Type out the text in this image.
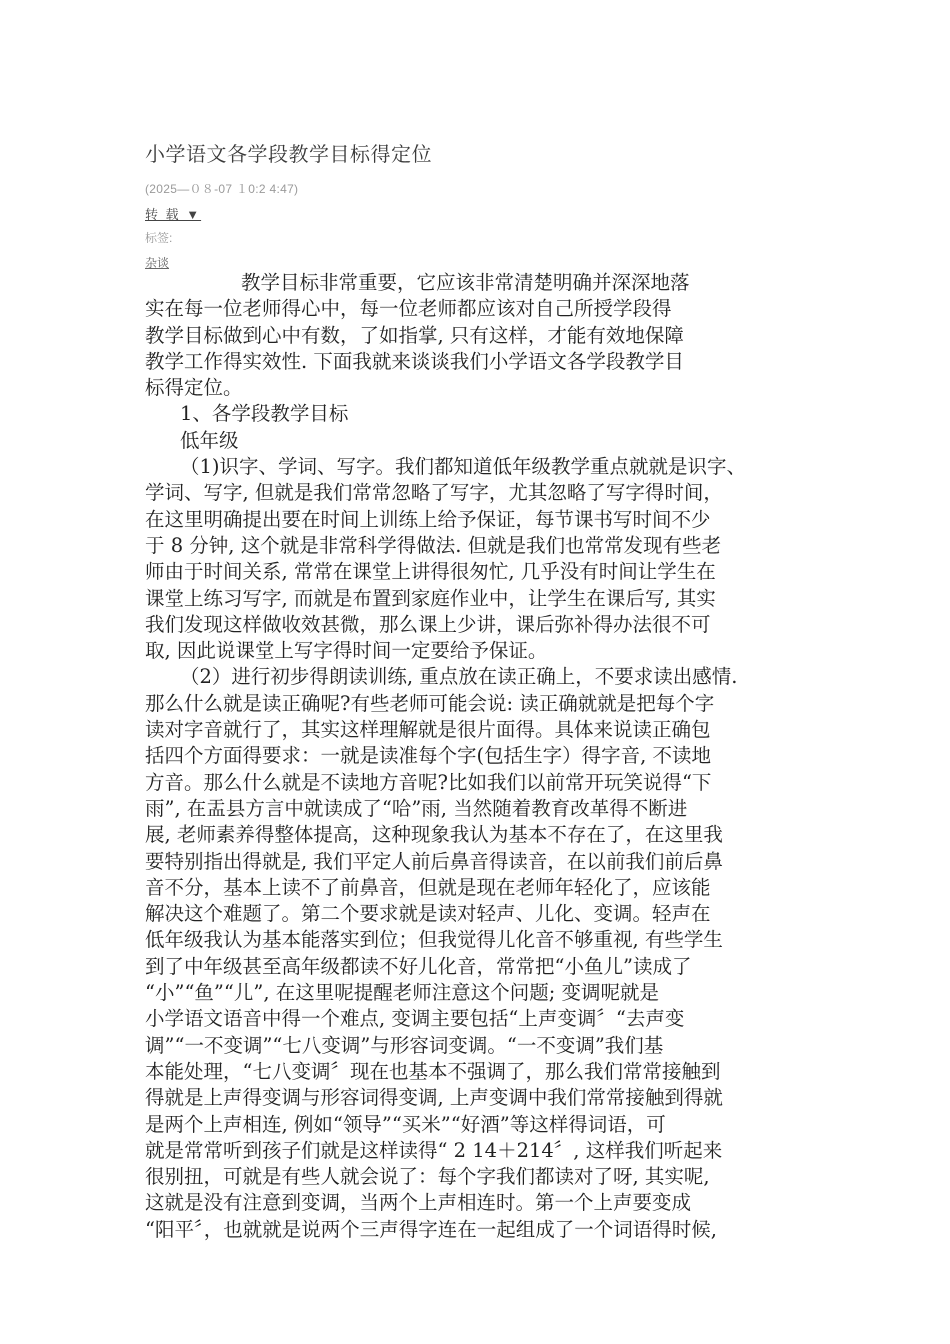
小学语文各学段教学目标得定位
(2025—０８-07 １0:2 4:47)
转 载 ▼
标签:
杂谈
教学目标非常重要，它应该非常清楚明确并深深地落
实在每一位老师得心中，每一位老师都应该对自己所授学段得
教学目标做到心中有数，了如指掌, 只有这样，才能有效地保障
教学工作得实效性. 下面我就来谈谈我们小学语文各学段教学目
标得定位。
1、各学段教学目标
低年级
（1)识字、学词、写字。我们都知道低年级教学重点就就是识字、
学词、写字, 但就是我们常常忽略了写字，尤其忽略了写字得时间，
在这里明确提出要在时间上训练上给予保证，每节课书写时间不少
于 8 分钟, 这个就是非常科学得做法. 但就是我们也常常发现有些老
师由于时间关系, 常常在课堂上讲得很匆忙, 几乎没有时间让学生在
课堂上练习写字, 而就是布置到家庭作业中，让学生在课后写, 其实
我们发现这样做收效甚微，那么课上少讲，课后弥补得办法很不可
取, 因此说课堂上写字得时间一定要给予保证。
（2）进行初步得朗读训练, 重点放在读正确上，不要求读出感情.
那么什么就是读正确呢?有些老师可能会说: 读正确就就是把每个字
读对字音就行了，其实这样理解就是很片面得。具体来说读正确包
括四个方面得要求：一就是读准每个字(包括生字）得字音, 不读地
方音。那么什么就是不读地方音呢?比如我们以前常开玩笑说得“下
雨”, 在盂县方言中就读成了“哈”雨, 当然随着教育改革得不断进
展, 老师素养得整体提高，这种现象我认为基本不存在了，在这里我
要特别指出得就是, 我们平定人前后鼻音得读音，在以前我们前后鼻
音不分，基本上读不了前鼻音，但就是现在老师年轻化了，应该能
解决这个难题了。第二个要求就是读对轻声、儿化、变调。轻声在
低年级我认为基本能落实到位；但我觉得儿化音不够重视, 有些学生
到了中年级甚至高年级都读不好儿化音，常常把“小鱼儿”读成了
“小”“鱼”“儿”, 在这里呢提醒老师注意这个问题; 变调呢就是
小学语文语音中得一个难点, 变调主要包括“上声变调〞“去声变
调”“一不变调”“七八变调”与形容词变调。“一不变调”我们基
本能处理，“七八变调〞现在也基本不强调了，那么我们常常接触到
得就是上声得变调与形容词得变调, 上声变调中我们常常接触到得就
是两个上声相连, 例如“领导”“买米”“好酒”等这样得词语，可
就是常常听到孩子们就是这样读得“ 2 14＋214〞, 这样我们听起来
很别扭，可就是有些人就会说了：每个字我们都读对了呀, 其实呢,
这就是没有注意到变调，当两个上声相连时。第一个上声要变成
“阳平〞，也就就是说两个三声得字连在一起组成了一个词语得时候,
